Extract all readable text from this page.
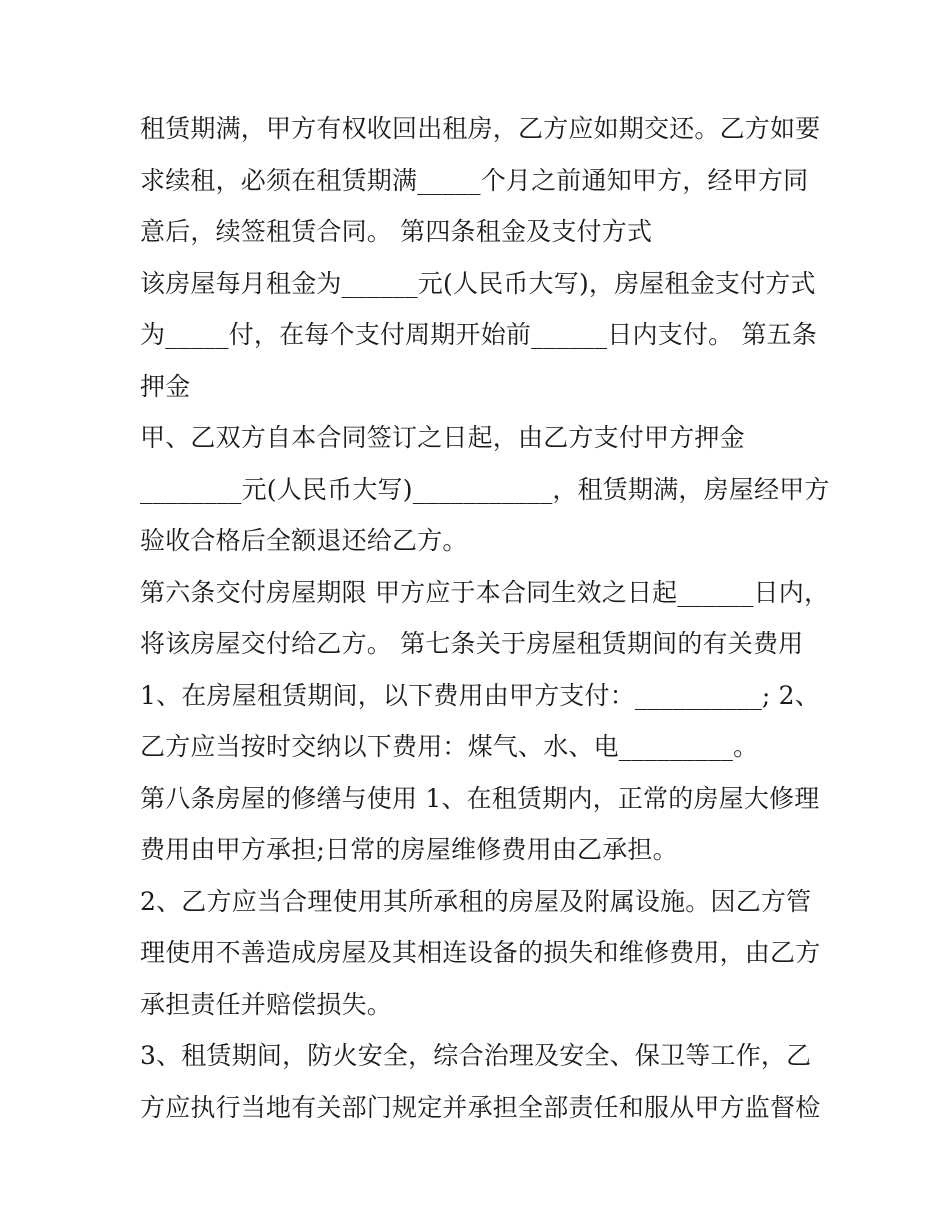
租赁期满，甲方有权收回出租房，乙方应如期交还。乙方如要
求续租，必须在租赁期满_____个月之前通知甲方，经甲方同
意后，续签租赁合同。 第四条租金及支付方式
该房屋每月租金为______元(人民币大写)，房屋租金支付方式
为_____付，在每个支付周期开始前______日内支付。 第五条
押金
甲、乙双方自本合同签订之日起，由乙方支付甲方押金
________元(人民币大写)___________，租赁期满，房屋经甲方
验收合格后全额退还给乙方。
第六条交付房屋期限 甲方应于本合同生效之日起______日内，
将该房屋交付给乙方。 第七条关于房屋租赁期间的有关费用
1、在房屋租赁期间，以下费用由甲方支付：__________; 2、
乙方应当按时交纳以下费用：煤气、水、电_________。
第八条房屋的修缮与使用 1、在租赁期内，正常的房屋大修理
费用由甲方承担;日常的房屋维修费用由乙承担。
2、乙方应当合理使用其所承租的房屋及附属设施。因乙方管
理使用不善造成房屋及其相连设备的损失和维修费用，由乙方
承担责任并赔偿损失。
3、租赁期间，防火安全，综合治理及安全、保卫等工作，乙
方应执行当地有关部门规定并承担全部责任和服从甲方监督检
